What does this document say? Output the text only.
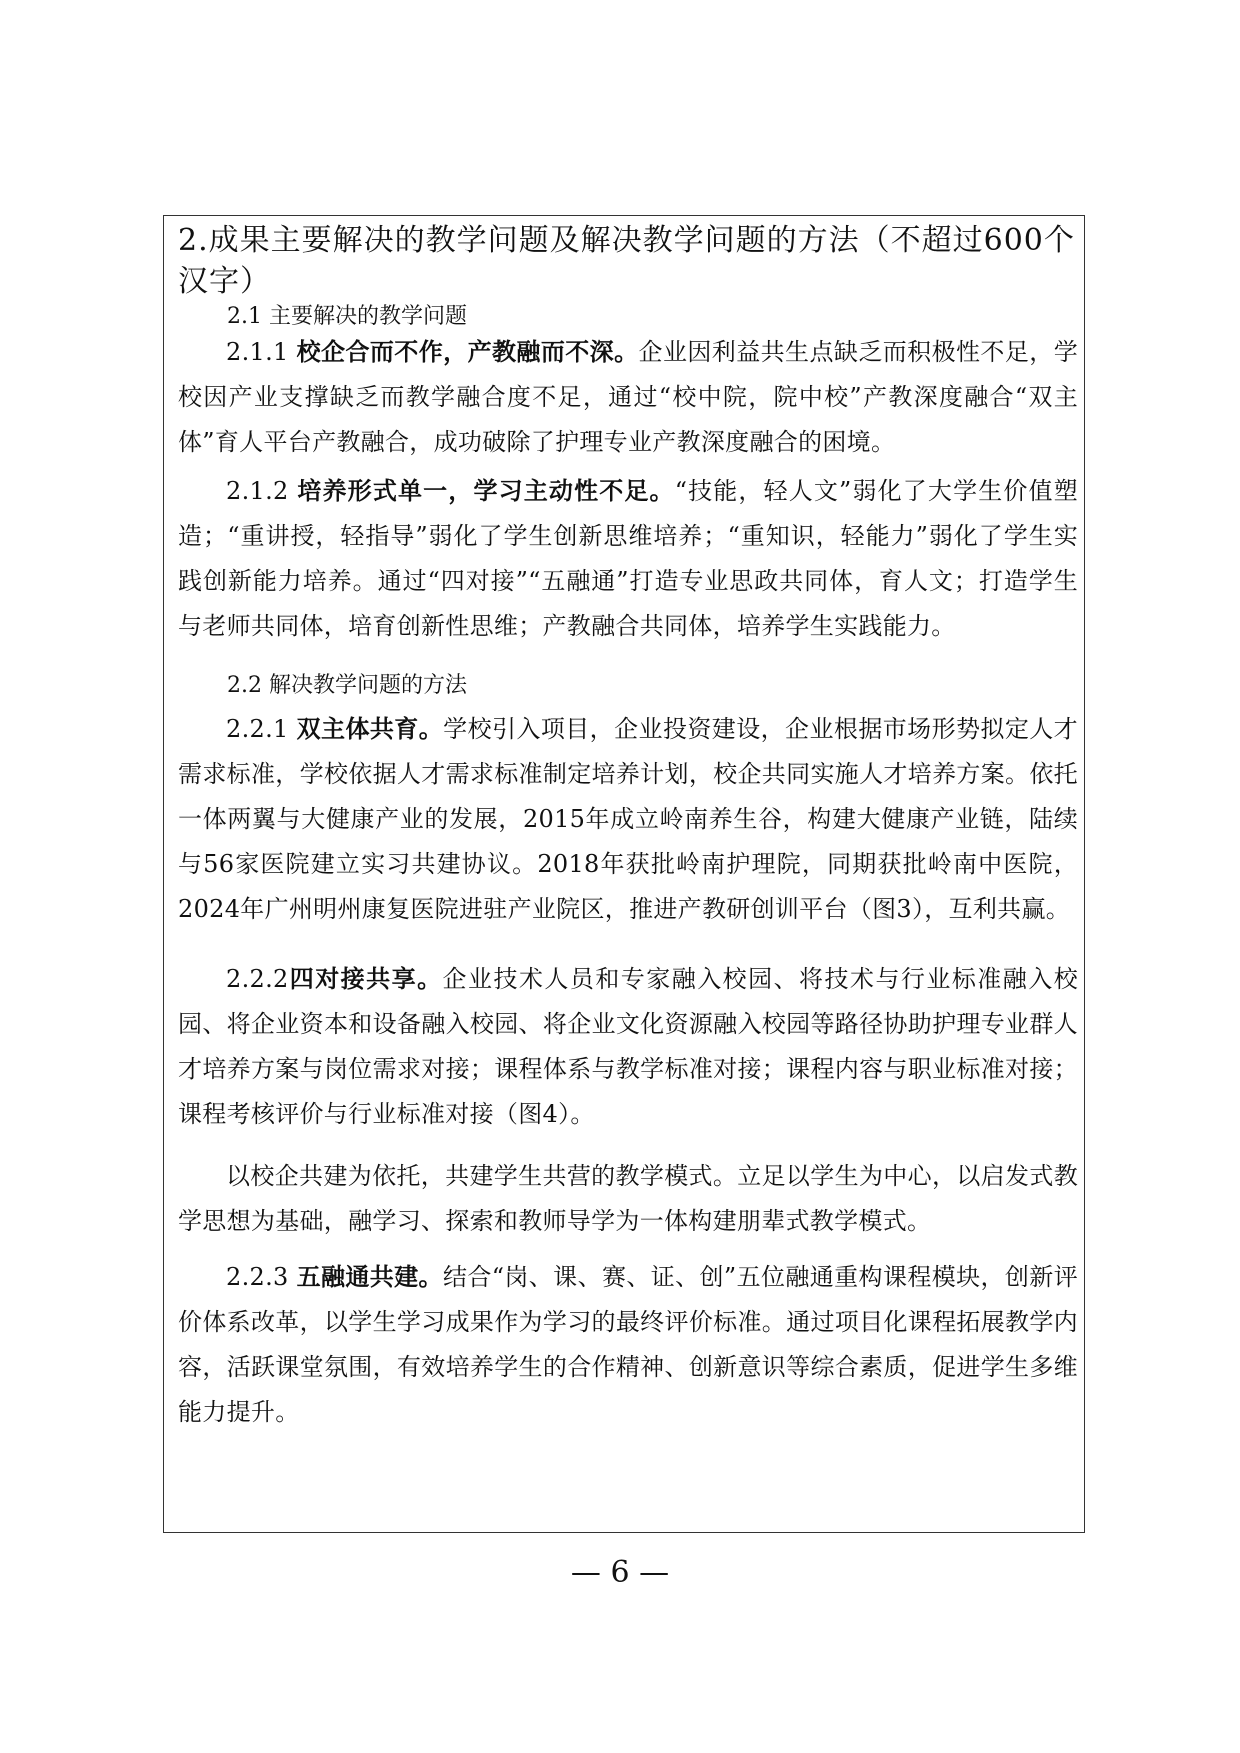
2.成果主要解决的教学问题及解决教学问题的方法（不超过600个汉字）

2.1 主要解决的教学问题

2.1.1 校企合而不作，产教融而不深。企业因利益共生点缺乏而积极性不足，学校因产业支撑缺乏而教学融合度不足，通过“校中院，院中校”产教深度融合“双主体”育人平台产教融合，成功破除了护理专业产教深度融合的困境。

2.1.2 培养形式单一，学习主动性不足。“技能，轻人文”弱化了大学生价值塑造；“重讲授，轻指导”弱化了学生创新思维培养；“重知识，轻能力”弱化了学生实践创新能力培养。通过“四对接”“五融通”打造专业思政共同体，育人文；打造学生与老师共同体，培育创新性思维；产教融合共同体，培养学生实践能力。

2.2 解决教学问题的方法

2.2.1 双主体共育。学校引入项目，企业投资建设，企业根据市场形势拟定人才需求标准，学校依据人才需求标准制定培养计划，校企共同实施人才培养方案。依托一体两翼与大健康产业的发展，2015年成立岭南养生谷，构建大健康产业链，陆续与56家医院建立实习共建协议。2018年获批岭南护理院，同期获批岭南中医院，2024年广州明州康复医院进驻产业院区，推进产教研创训平台（图3），互利共赢。

2.2.2四对接共享。企业技术人员和专家融入校园、将技术与行业标准融入校园、将企业资本和设备融入校园、将企业文化资源融入校园等路径协助护理专业群人才培养方案与岗位需求对接；课程体系与教学标准对接；课程内容与职业标准对接；课程考核评价与行业标准对接（图4）。

以校企共建为依托，共建学生共营的教学模式。立足以学生为中心，以启发式教学思想为基础，融学习、探索和教师导学为一体构建朋辈式教学模式。

2.2.3 五融通共建。结合“岗、课、赛、证、创”五位融通重构课程模块，创新评价体系改革，以学生学习成果作为学习的最终评价标准。通过项目化课程拓展教学内容，活跃课堂氛围，有效培养学生的合作精神、创新意识等综合素质，促进学生多维能力提升。

— 6 —
